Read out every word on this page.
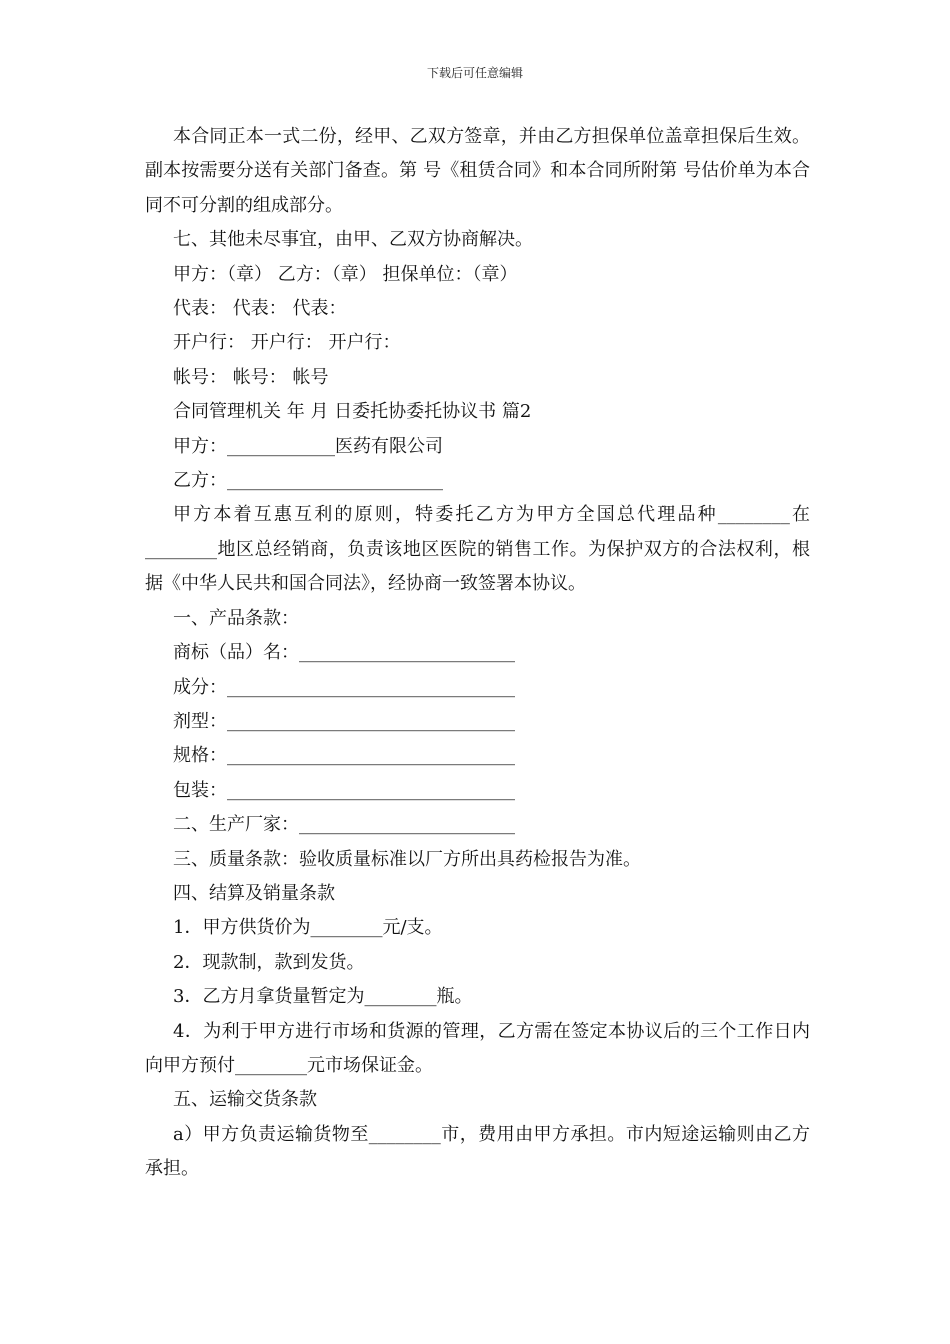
下载后可任意编辑

本合同正本一式二份，经甲、乙双方签章，并由乙方担保单位盖章担保后生效。副本按需要分送有关部门备查。第 号《租赁合同》和本合同所附第 号估价单为本合同不可分割的组成部分。

七、其他未尽事宜，由甲、乙双方协商解决。

甲方：（章） 乙方：（章） 担保单位：（章）

代表： 代表： 代表：

开户行： 开户行： 开户行：

帐号： 帐号： 帐号

合同管理机关 年 月 日委托协委托协议书 篇2

甲方：____________医药有限公司

乙方：________________________

甲方本着互惠互利的原则，特委托乙方为甲方全国总代理品种________在________地区总经销商，负责该地区医院的销售工作。为保护双方的合法权利，根据《中华人民共和国合同法》，经协商一致签署本协议。

一、产品条款：

商标（品）名：________________________

成分：________________________________

剂型：________________________________

规格：________________________________

包装：________________________________

二、生产厂家：________________________

三、质量条款：验收质量标准以厂方所出具药检报告为准。

四、结算及销量条款

1．甲方供货价为________元/支。

2．现款制，款到发货。

3．乙方月拿货量暂定为________瓶。

4．为利于甲方进行市场和货源的管理，乙方需在签定本协议后的三个工作日内向甲方预付________元市场保证金。

五、运输交货条款

a）甲方负责运输货物至________市，费用由甲方承担。市内短途运输则由乙方承担。
